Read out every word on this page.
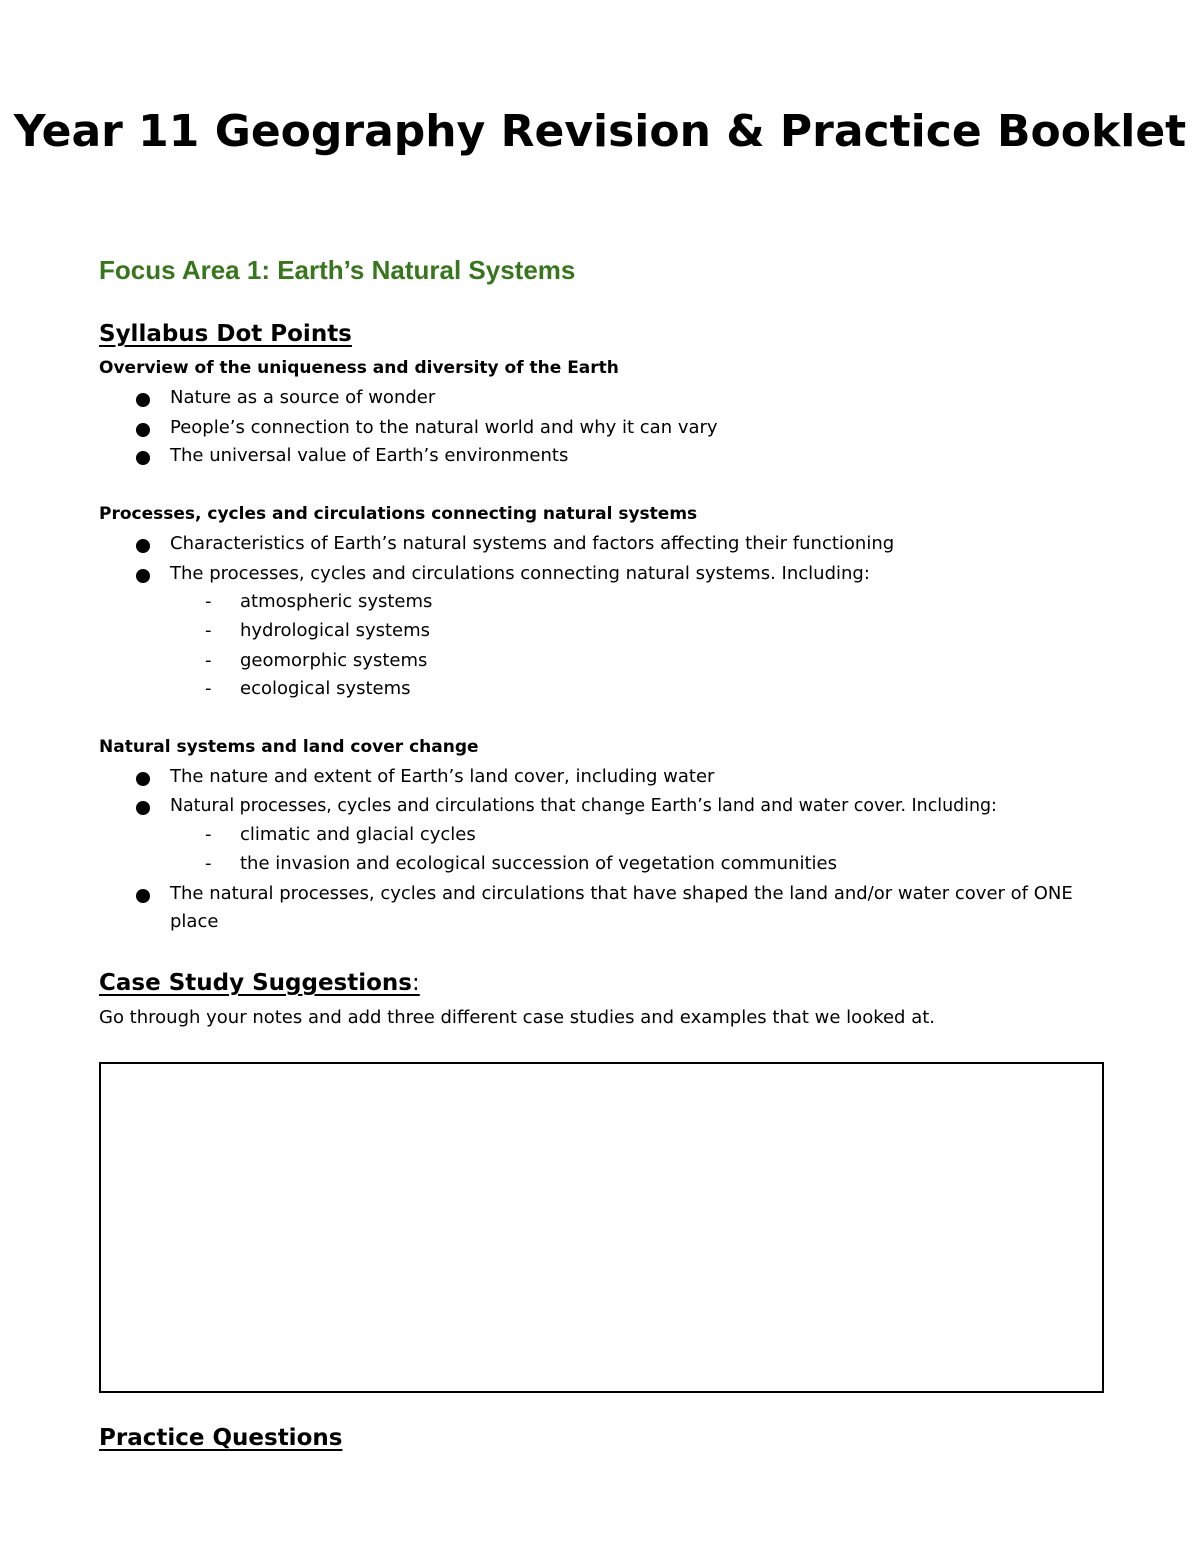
Year 11 Geography Revision & Practice Booklet
Focus Area 1: Earth’s Natural Systems
Syllabus Dot Points
Overview of the uniqueness and diversity of the Earth
Nature as a source of wonder
People’s connection to the natural world and why it can vary
The universal value of Earth’s environments
Processes, cycles and circulations connecting natural systems
Characteristics of Earth’s natural systems and factors affecting their functioning
The processes, cycles and circulations connecting natural systems. Including:
- atmospheric systems
- hydrological systems
- geomorphic systems
- ecological systems
Natural systems and land cover change
The nature and extent of Earth’s land cover, including water
Natural processes, cycles and circulations that change Earth’s land and water cover. Including:
- climatic and glacial cycles
- the invasion and ecological succession of vegetation communities
The natural processes, cycles and circulations that have shaped the land and/or water cover of ONE place
Case Study Suggestions:
Go through your notes and add three different case studies and examples that we looked at.
Practice Questions
